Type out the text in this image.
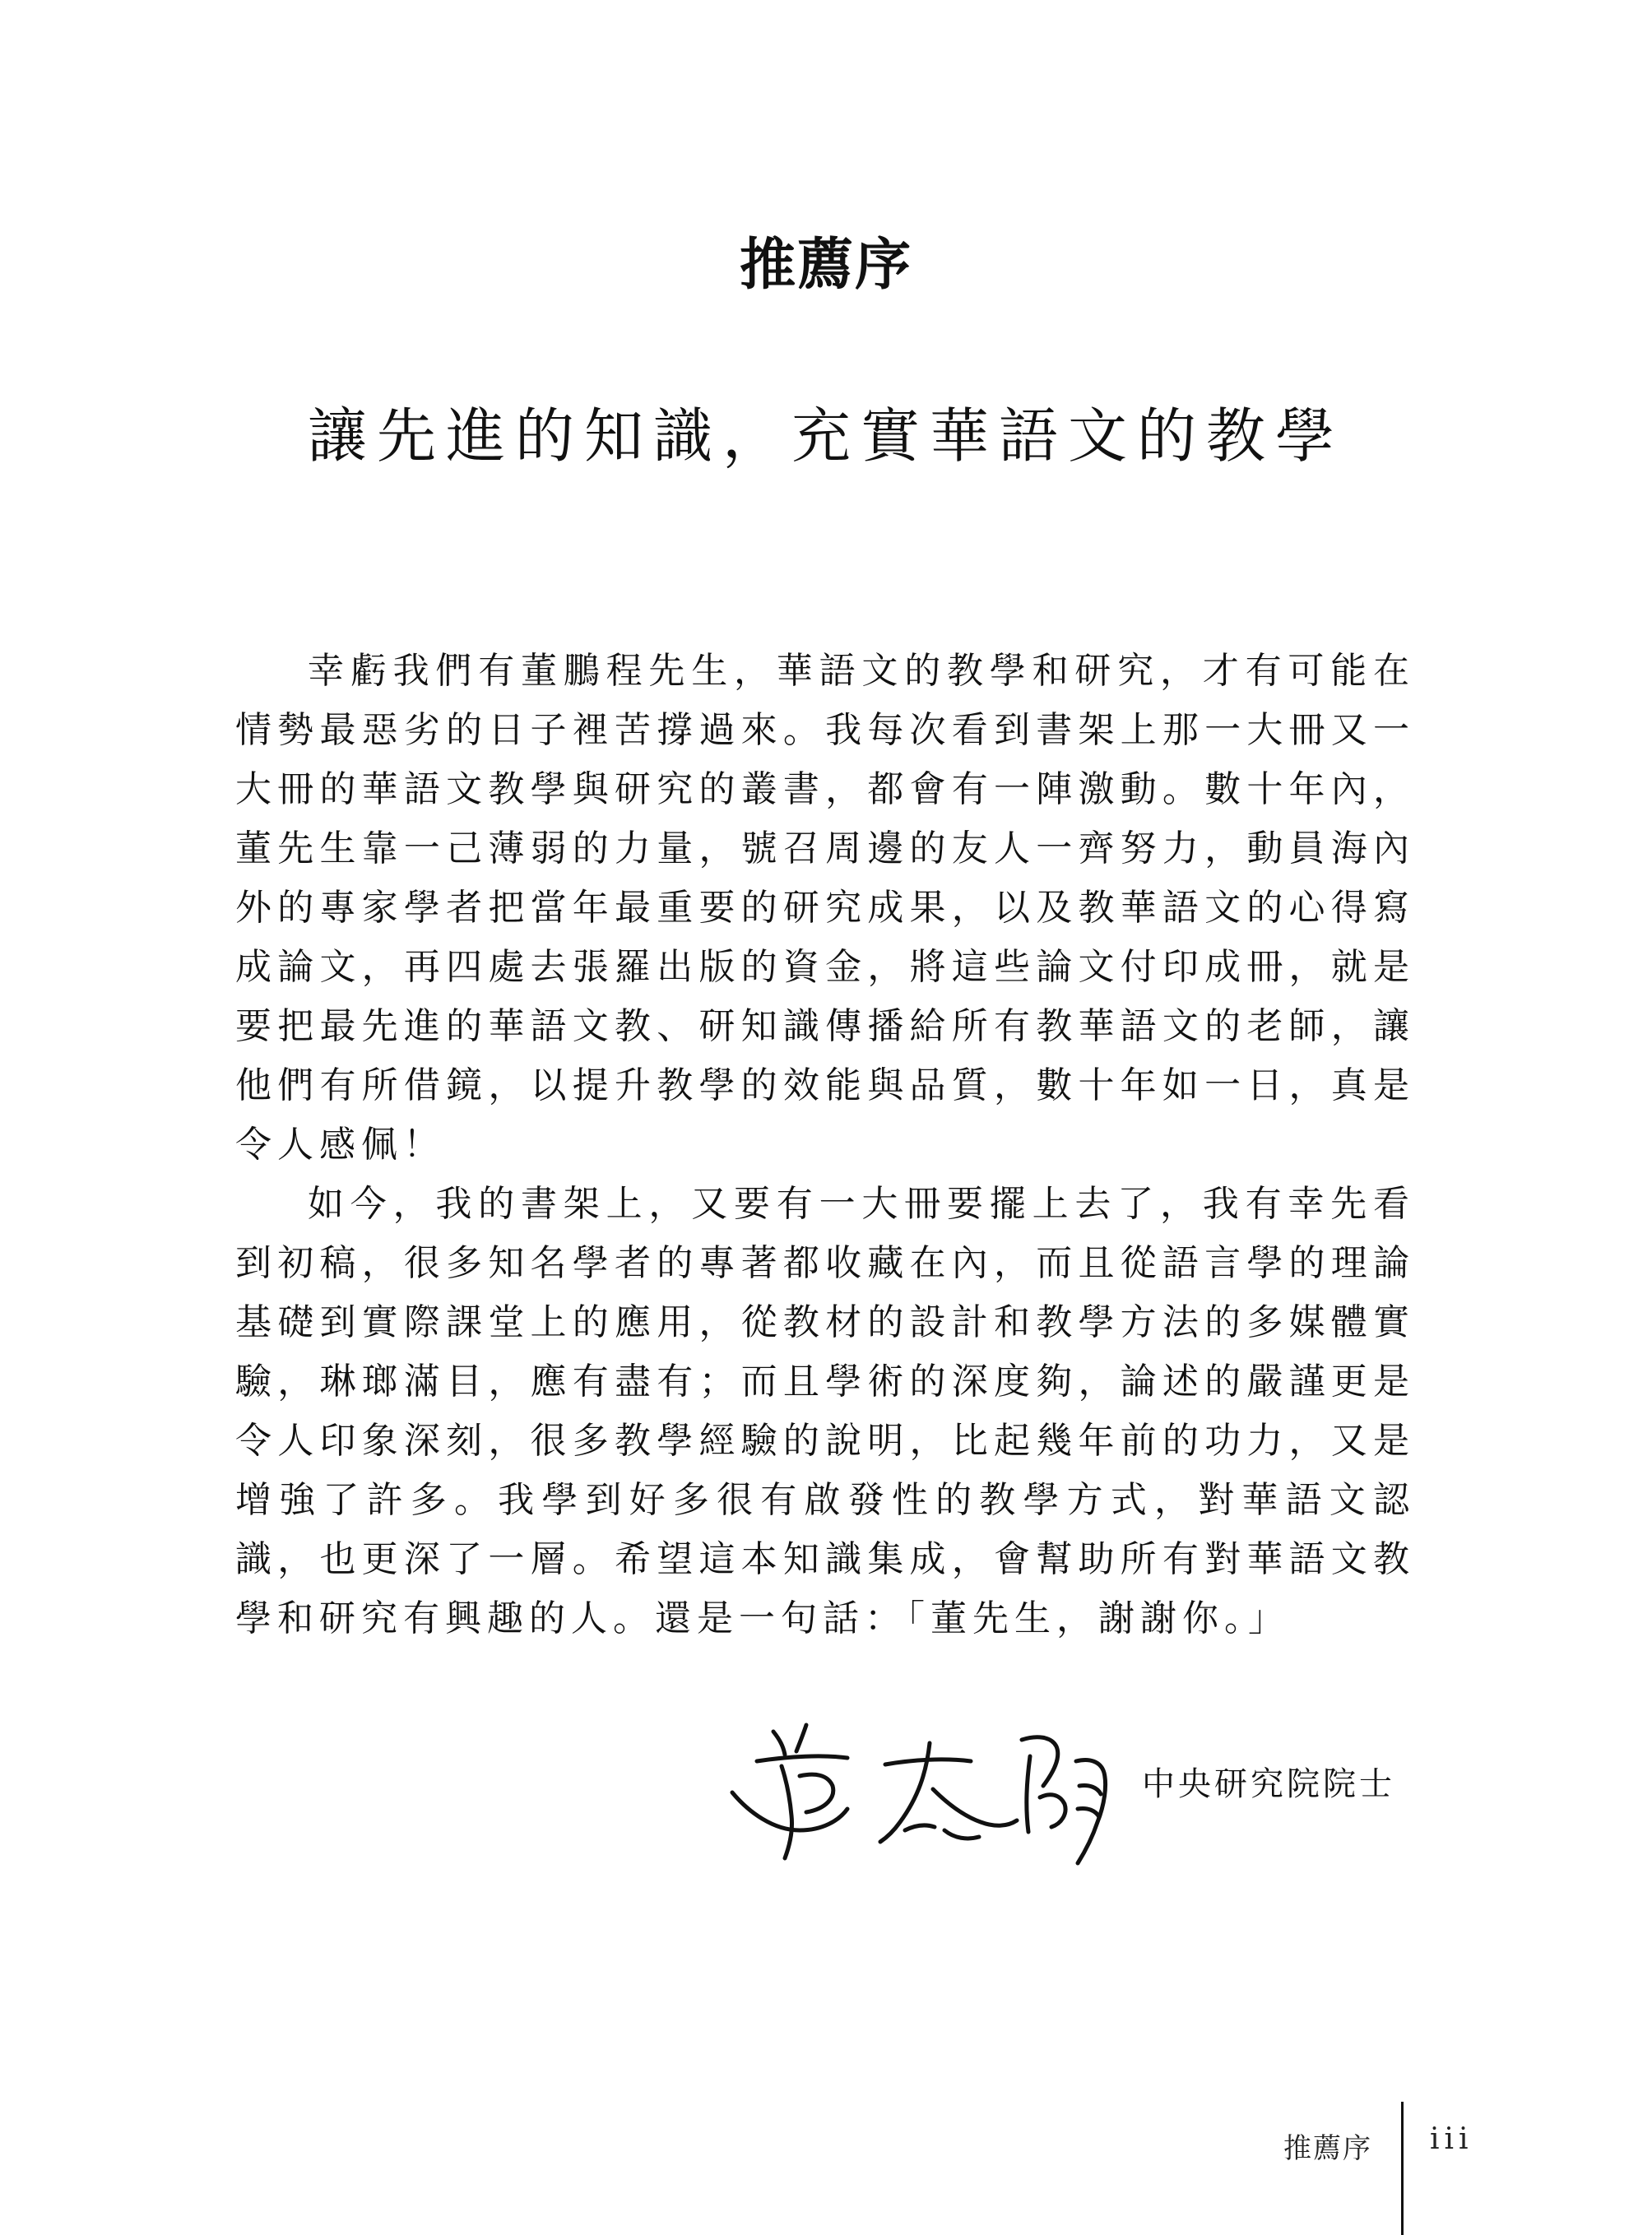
推薦序
讓先進的知識，充實華語文的教學

幸虧我們有董鵬程先生，華語文的教學和研究，才有可能在情勢最惡劣的日子裡苦撐過來。我每次看到書架上那一大冊又一大冊的華語文教學與研究的叢書，都會有一陣激動。數十年內，董先生靠一己薄弱的力量，號召周邊的友人一齊努力，動員海內外的專家學者把當年最重要的研究成果，以及教華語文的心得寫成論文，再四處去張羅出版的資金，將這些論文付印成冊，就是要把最先進的華語文教、研知識傳播給所有教華語文的老師，讓他們有所借鏡，以提升教學的效能與品質，數十年如一日，真是令人感佩！

如今，我的書架上，又要有一大冊要擺上去了，我有幸先看到初稿，很多知名學者的專著都收藏在內，而且從語言學的理論基礎到實際課堂上的應用，從教材的設計和教學方法的多媒體實驗，琳瑯滿目，應有盡有；而且學術的深度夠，論述的嚴謹更是令人印象深刻，很多教學經驗的說明，比起幾年前的功力，又是增強了許多。我學到好多很有啟發性的教學方式，對華語文認識，也更深了一層。希望這本知識集成，會幫助所有對華語文教學和研究有興趣的人。還是一句話：「董先生，謝謝你。」

中央研究院院士
推薦序 iii
